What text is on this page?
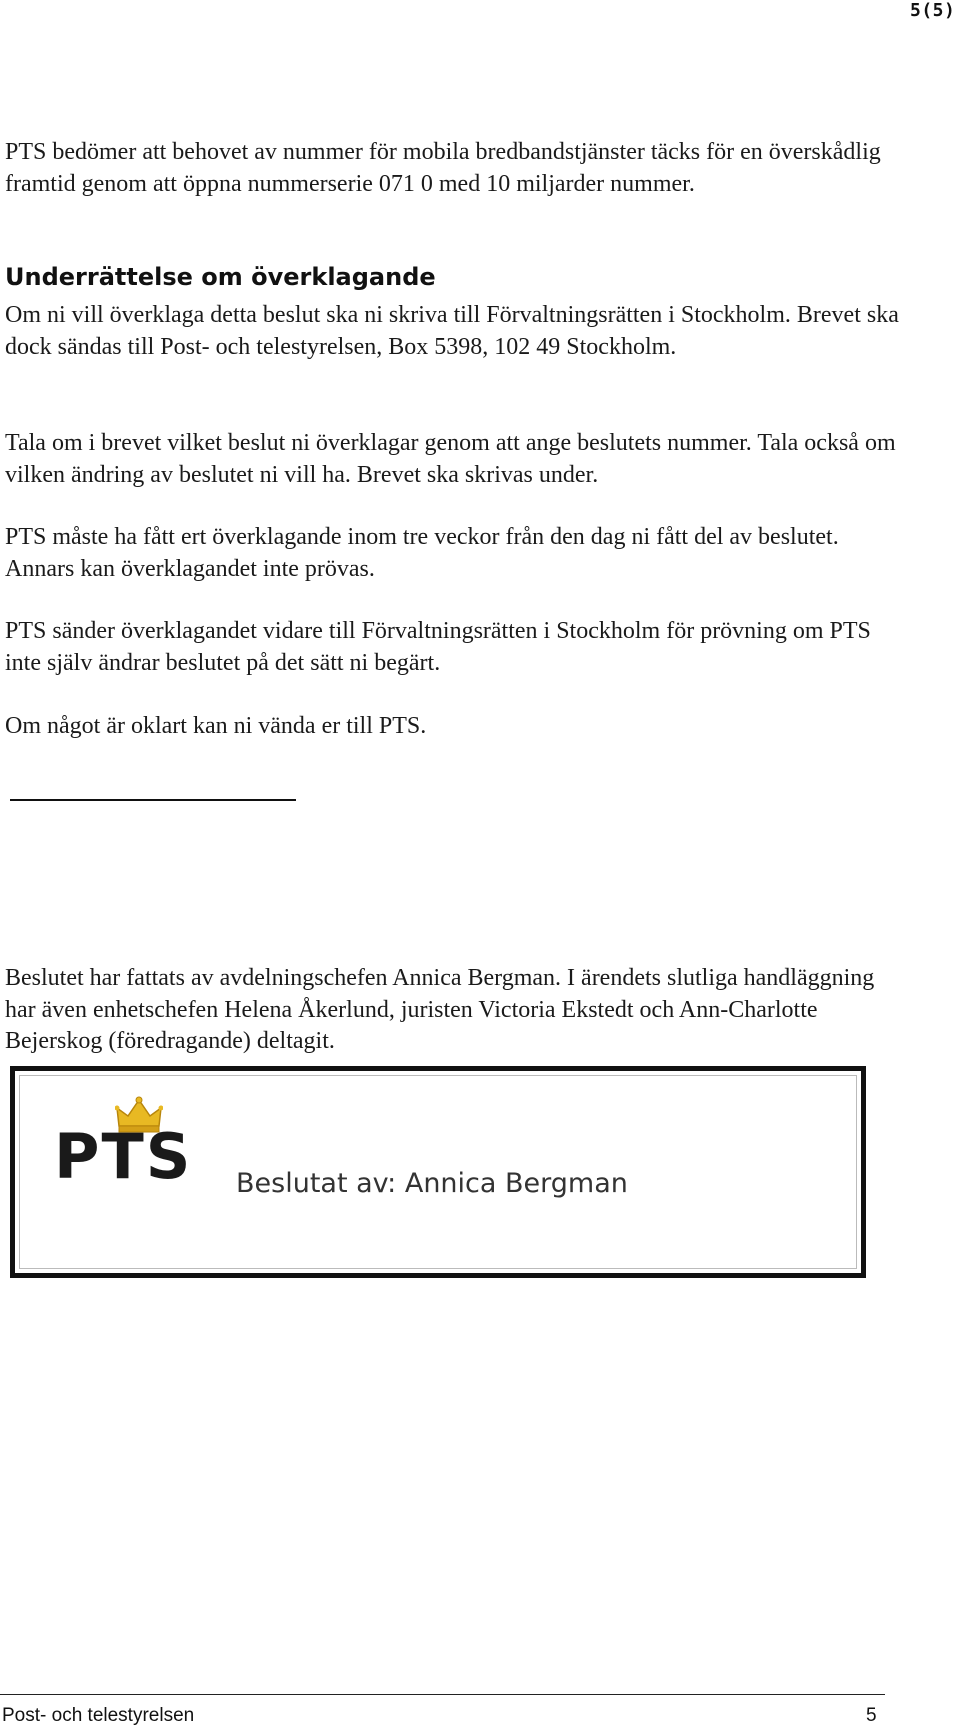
5(5)

PTS bedömer att behovet av nummer för mobila bredbandstjänster täcks för en överskådlig framtid genom att öppna nummerserie 071 0 med 10 miljarder nummer.

Underrättelse om överklagande

Om ni vill överklaga detta beslut ska ni skriva till Förvaltningsrätten i Stockholm. Brevet ska dock sändas till Post- och telestyrelsen, Box 5398, 102 49 Stockholm.

Tala om i brevet vilket beslut ni överklagar genom att ange beslutets nummer. Tala också om vilken ändring av beslutet ni vill ha. Brevet ska skrivas under.

PTS måste ha fått ert överklagande inom tre veckor från den dag ni fått del av beslutet. Annars kan överklagandet inte prövas.

PTS sänder överklagandet vidare till Förvaltningsrätten i Stockholm för prövning om PTS inte själv ändrar beslutet på det sätt ni begärt.

Om något är oklart kan ni vända er till PTS.

Beslutet har fattats av avdelningschefen Annica Bergman. I ärendets slutliga handläggning har även enhetschefen Helena Åkerlund, juristen Victoria Ekstedt och Ann-Charlotte Bejerskog (föredragande) deltagit.

PTS Beslutat av: Annica Bergman
Post- och telestyrelsen	5
